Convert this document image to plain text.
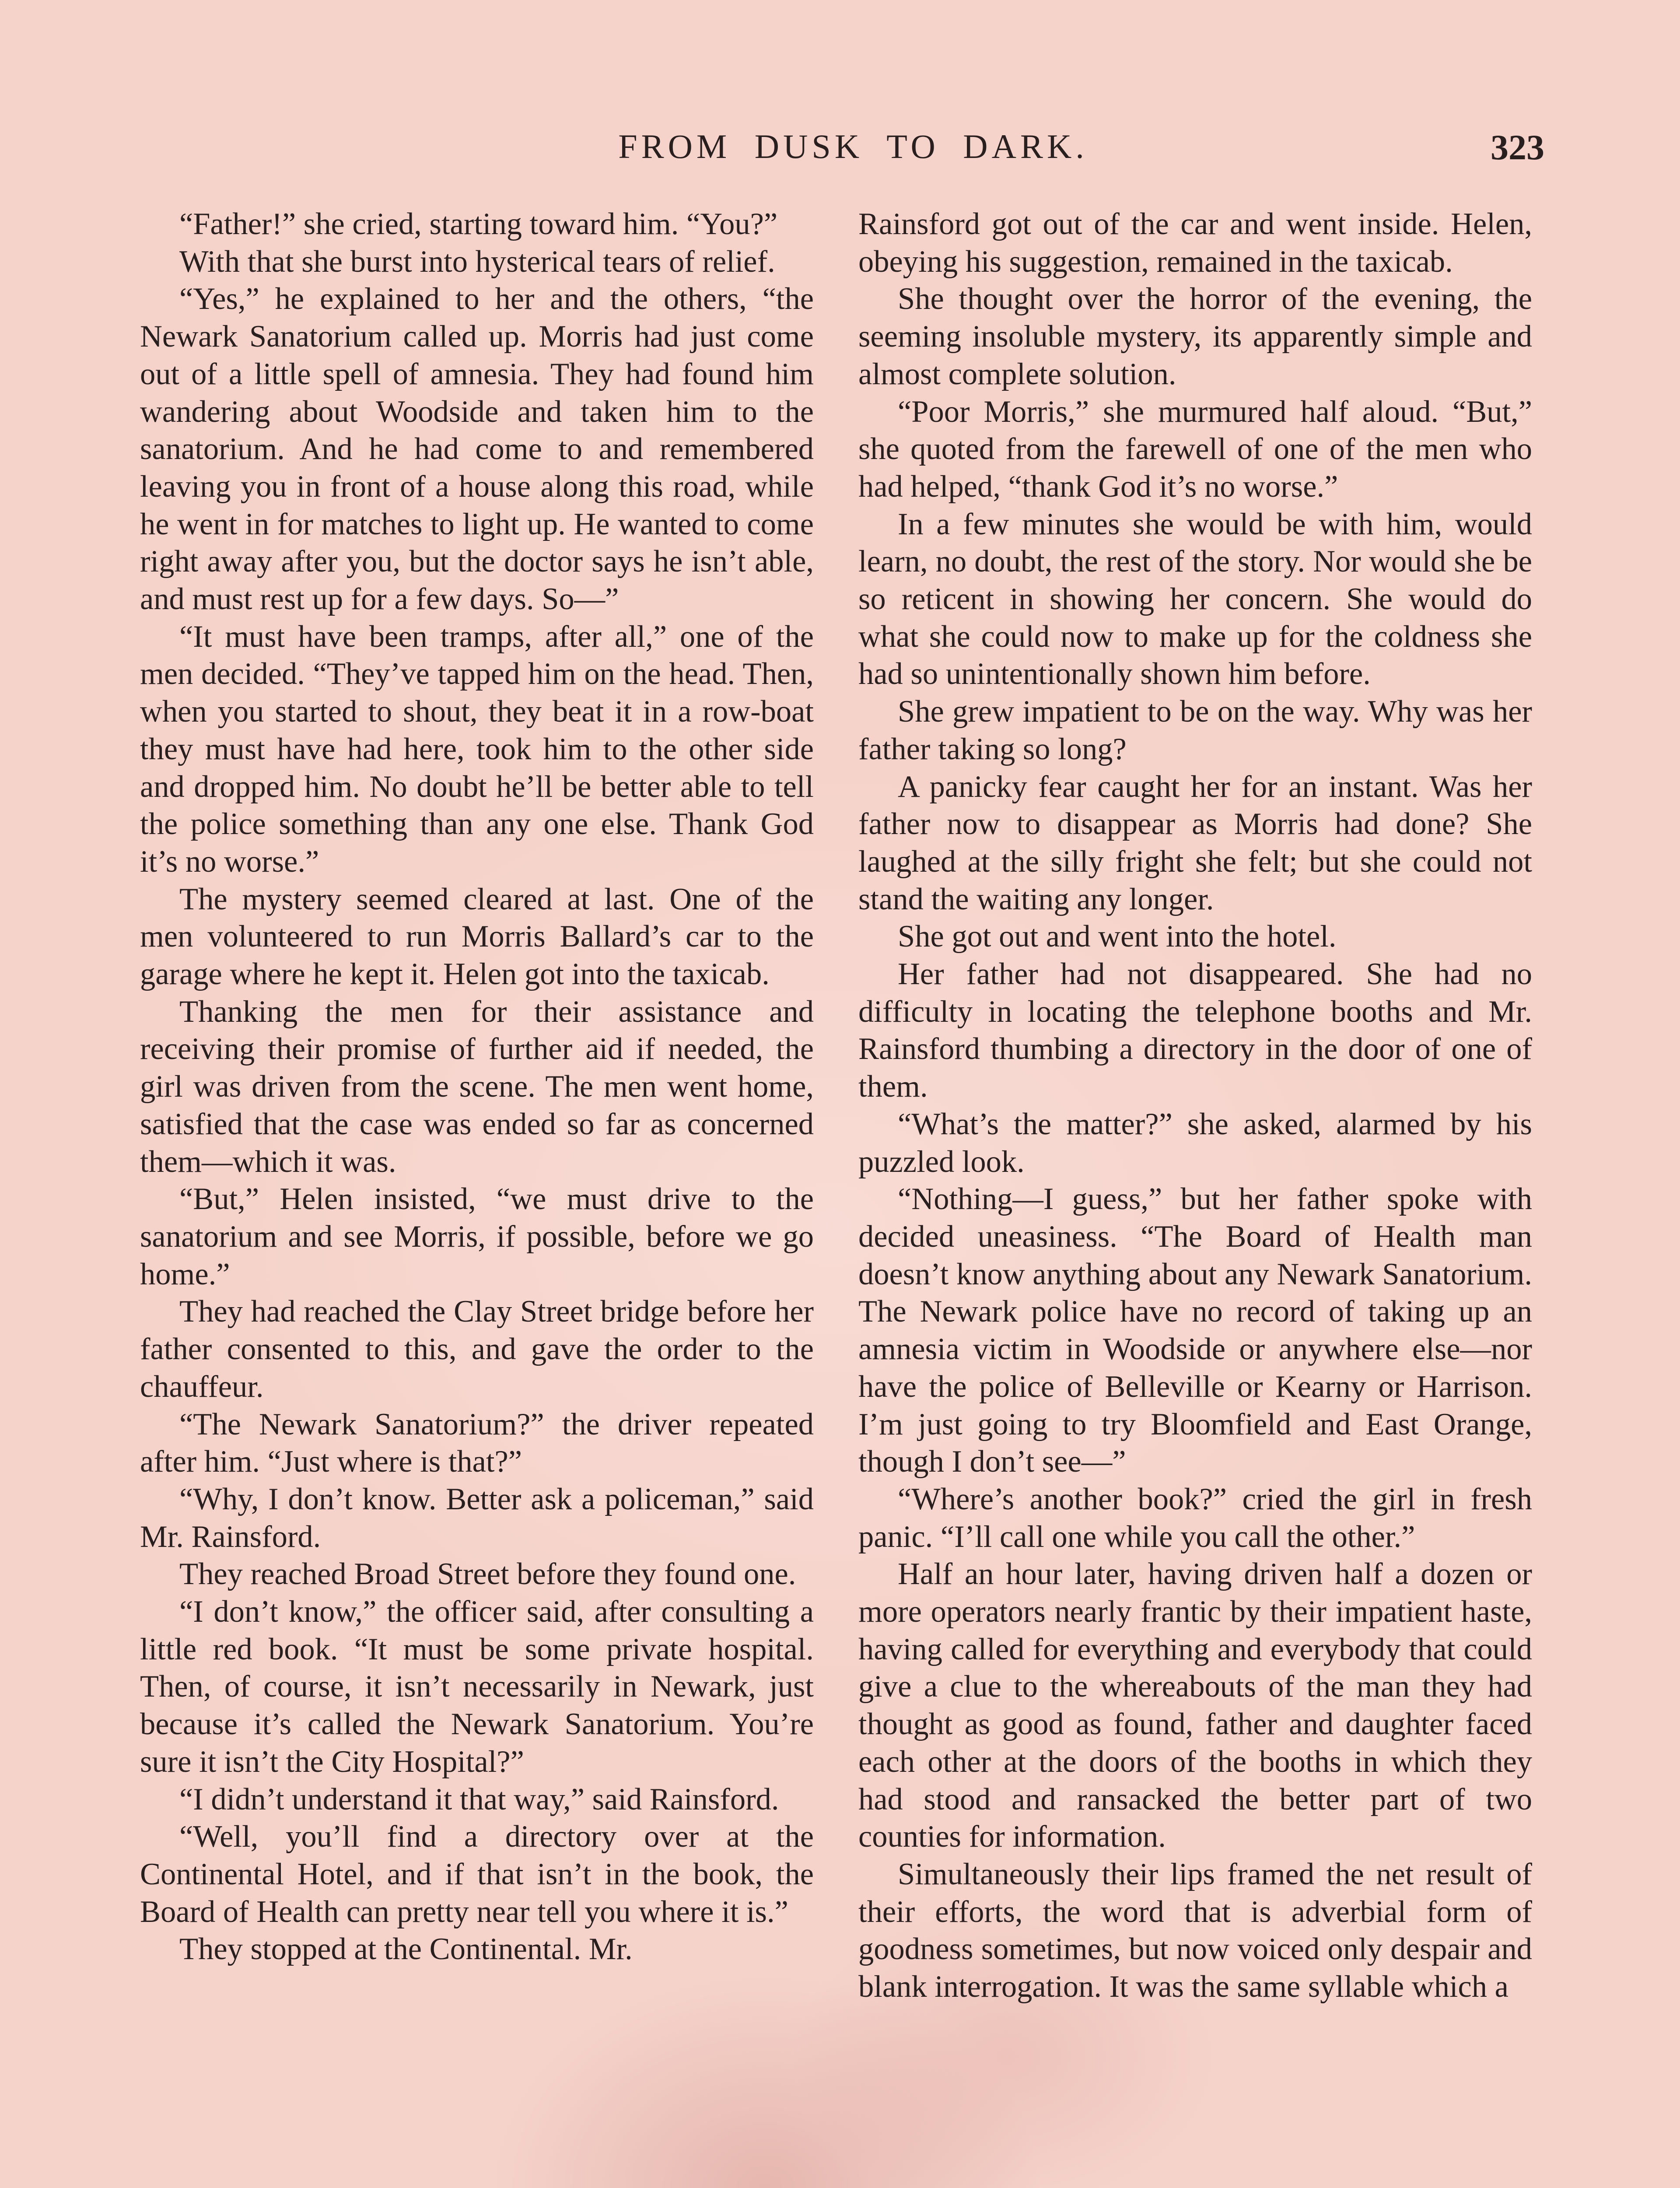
FROM DUSK TO DARK.	323

“Father!” she cried, starting toward him. “You?”

With that she burst into hysterical tears of relief.

“Yes,” he explained to her and the others, “the Newark Sanatorium called up. Morris had just come out of a little spell of amnesia. They had found him wandering about Woodside and taken him to the sanatorium. And he had come to and remembered leaving you in front of a house along this road, while he went in for matches to light up. He wanted to come right away after you, but the doctor says he isn’t able, and must rest up for a few days. So—”

“It must have been tramps, after all,” one of the men decided. “They’ve tapped him on the head. Then, when you started to shout, they beat it in a row-boat they must have had here, took him to the other side and dropped him. No doubt he’ll be better able to tell the police something than any one else. Thank God it’s no worse.”

The mystery seemed cleared at last. One of the men volunteered to run Morris Ballard’s car to the garage where he kept it. Helen got into the taxicab.

Thanking the men for their assistance and receiving their promise of further aid if needed, the girl was driven from the scene. The men went home, satisfied that the case was ended so far as concerned them—which it was.

“But,” Helen insisted, “we must drive to the sanatorium and see Morris, if possible, before we go home.”

They had reached the Clay Street bridge before her father consented to this, and gave the order to the chauffeur.

“The Newark Sanatorium?” the driver repeated after him. “Just where is that?”

“Why, I don’t know. Better ask a policeman,” said Mr. Rainsford.

They reached Broad Street before they found one.

“I don’t know,” the officer said, after consulting a little red book. “It must be some private hospital. Then, of course, it isn’t necessarily in Newark, just because it’s called the Newark Sanatorium. You’re sure it isn’t the City Hospital?”

“I didn’t understand it that way,” said Rainsford.

“Well, you’ll find a directory over at the Continental Hotel, and if that isn’t in the book, the Board of Health can pretty near tell you where it is.”

They stopped at the Continental. Mr.

Rainsford got out of the car and went inside. Helen, obeying his suggestion, remained in the taxicab.

She thought over the horror of the evening, the seeming insoluble mystery, its apparently simple and almost complete solution.

“Poor Morris,” she murmured half aloud. “But,” she quoted from the farewell of one of the men who had helped, “thank God it’s no worse.”

In a few minutes she would be with him, would learn, no doubt, the rest of the story. Nor would she be so reticent in showing her concern. She would do what she could now to make up for the coldness she had so unintentionally shown him before.

She grew impatient to be on the way. Why was her father taking so long?

A panicky fear caught her for an instant. Was her father now to disappear as Morris had done? She laughed at the silly fright she felt; but she could not stand the waiting any longer.

She got out and went into the hotel.

Her father had not disappeared. She had no difficulty in locating the telephone booths and Mr. Rainsford thumbing a directory in the door of one of them.

“What’s the matter?” she asked, alarmed by his puzzled look.

“Nothing—I guess,” but her father spoke with decided uneasiness. “The Board of Health man doesn’t know anything about any Newark Sanatorium. The Newark police have no record of taking up an amnesia victim in Woodside or anywhere else—nor have the police of Belleville or Kearny or Harrison. I’m just going to try Bloomfield and East Orange, though I don’t see—”

“Where’s another book?” cried the girl in fresh panic. “I’ll call one while you call the other.”

Half an hour later, having driven half a dozen or more operators nearly frantic by their impatient haste, having called for everything and everybody that could give a clue to the whereabouts of the man they had thought as good as found, father and daughter faced each other at the doors of the booths in which they had stood and ransacked the better part of two counties for information.

Simultaneously their lips framed the net result of their efforts, the word that is adverbial form of goodness sometimes, but now voiced only despair and blank interrogation. It was the same syllable which a
